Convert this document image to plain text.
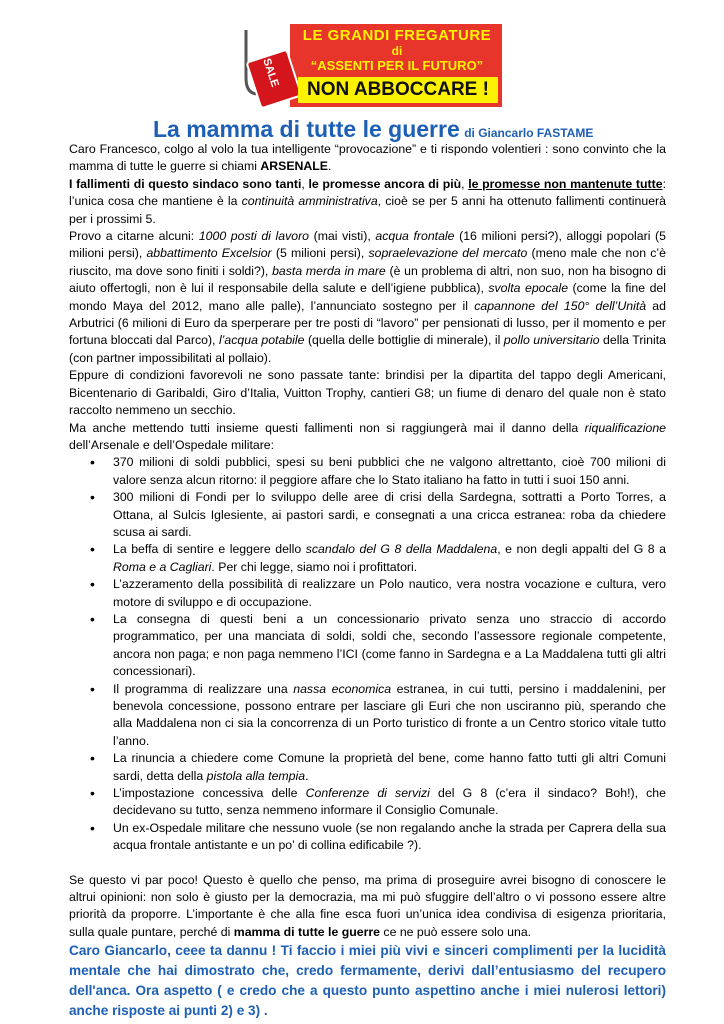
SALE
LE GRANDI FREGATURE
di
“ASSENTI PER IL FUTURO”
NON ABBOCCARE !
La mamma di tutte le guerre di Giancarlo FASTAME

Caro Francesco, colgo al volo la tua intelligente “provocazione” e ti rispondo volentieri : sono convinto che la mamma di tutte le guerre si chiami ARSENALE.

I fallimenti di questo sindaco sono tanti, le promesse ancora di più, le promesse non mantenute tutte: l’unica cosa che mantiene è la continuità amministrativa, cioè se per 5 anni ha ottenuto fallimenti continuerà per i prossimi 5.

Provo a citarne alcuni: 1000 posti di lavoro (mai visti), acqua frontale (16 milioni persi?), alloggi popolari (5 milioni persi), abbattimento Excelsior (5 milioni persi), sopraelevazione del mercato (meno male che non c’è riuscito, ma dove sono finiti i soldi?), basta merda in mare (è un problema di altri, non suo, non ha bisogno di aiuto offertogli, non è lui il responsabile della salute e dell’igiene pubblica), svolta epocale (come la fine del mondo Maya del 2012, mano alle palle), l’annunciato sostegno per il capannone del 150° dell’Unità ad Arbutrici (6 milioni di Euro da sperperare per tre posti di “lavoro” per pensionati di lusso, per il momento e per fortuna bloccati dal Parco), l’acqua potabile (quella delle bottiglie di minerale), il pollo universitario della Trinita (con partner impossibilitati al pollaio).

Eppure di condizioni favorevoli ne sono passate tante: brindisi per la dipartita del tappo degli Americani, Bicentenario di Garibaldi, Giro d’Italia, Vuitton Trophy, cantieri G8; un fiume di denaro del quale non è stato raccolto nemmeno un secchio.

Ma anche mettendo tutti insieme questi fallimenti non si raggiungerà mai il danno della riqualificazione dell’Arsenale e dell’Ospedale militare:

• 370 milioni di soldi pubblici, spesi su beni pubblici che ne valgono altrettanto, cioè 700 milioni di valore senza alcun ritorno: il peggiore affare che lo Stato italiano ha fatto in tutti i suoi 150 anni.
• 300 milioni di Fondi per lo sviluppo delle aree di crisi della Sardegna, sottratti a Porto Torres, a Ottana, al Sulcis Iglesiente, ai pastori sardi, e consegnati a una cricca estranea: roba da chiedere scusa ai sardi.
• La beffa di sentire e leggere dello scandalo del G 8 della Maddalena, e non degli appalti del G 8 a Roma e a Cagliari. Per chi legge, siamo noi i profittatori.
• L’azzeramento della possibilità di realizzare un Polo nautico, vera nostra vocazione e cultura, vero motore di sviluppo e di occupazione.
• La consegna di questi beni a un concessionario privato senza uno straccio di accordo programmatico, per una manciata di soldi, soldi che, secondo l’assessore regionale competente, ancora non paga; e non paga nemmeno l’ICI (come fanno in Sardegna e a La Maddalena tutti gli altri concessionari).
• Il programma di realizzare una nassa economica estranea, in cui tutti, persino i maddalenini, per benevola concessione, possono entrare per lasciare gli Euri che non usciranno più, sperando che alla Maddalena non ci sia la concorrenza di un Porto turistico di fronte a un Centro storico vitale tutto l’anno.
• La rinuncia a chiedere come Comune la proprietà del bene, come hanno fatto tutti gli altri Comuni sardi, detta della pistola alla tempia.
• L’impostazione concessiva delle Conferenze di servizi del G 8 (c’era il sindaco? Boh!), che decidevano su tutto, senza nemmeno informare il Consiglio Comunale.
• Un ex-Ospedale militare che nessuno vuole (se non regalando anche la strada per Caprera della sua acqua frontale antistante e un po’ di collina edificabile ?).

Se questo vi par poco! Questo è quello che penso, ma prima di proseguire avrei bisogno di conoscere le altrui opinioni: non solo è giusto per la democrazia, ma mi può sfuggire dell’altro o vi possono essere altre priorità da proporre. L’importante è che alla fine esca fuori un’unica idea condivisa di esigenza prioritaria, sulla quale puntare, perché di mamma di tutte le guerre ce ne può essere solo una.

Caro Giancarlo, ceee ta dannu ! Ti faccio i miei più vivi e sinceri complimenti per la lucidità mentale che hai dimostrato che, credo fermamente, derivi dall’entusiasmo del recupero dell'anca. Ora aspetto ( e credo che a questo punto aspettino anche i miei nulerosi lettori) anche risposte ai punti 2) e 3) .
